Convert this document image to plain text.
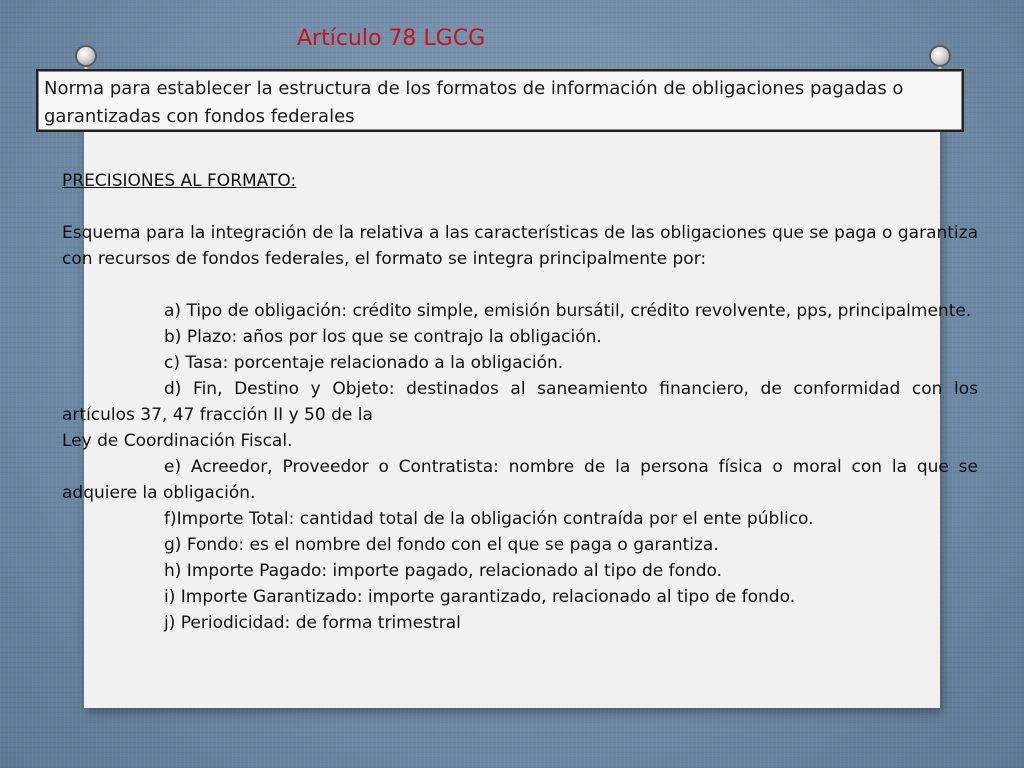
Artículo 78 LGCG
Norma para establecer la estructura de los formatos de información de obligaciones pagadas o garantizadas con fondos federales

PRECISIONES AL FORMATO:

Esquema para la integración de la relativa a las características de las obligaciones que se paga o garantiza con recursos de fondos federales, el formato se integra principalmente por:

a) Tipo de obligación: crédito simple, emisión bursátil, crédito revolvente, pps, principalmente.

b) Plazo: años por los que se contrajo la obligación.

c) Tasa: porcentaje relacionado a la obligación.

d) Fin, Destino y Objeto: destinados al saneamiento financiero, de conformidad con los artículos 37, 47 fracción II y 50 de la

Ley de Coordinación Fiscal.

e) Acreedor, Proveedor o Contratista: nombre de la persona física o moral con la que se adquiere la obligación.

f)Importe Total: cantidad total de la obligación contraída por el ente público.

g) Fondo: es el nombre del fondo con el que se paga o garantiza.

h) Importe Pagado: importe pagado, relacionado al tipo de fondo.

i) Importe Garantizado: importe garantizado, relacionado al tipo de fondo.

j) Periodicidad: de forma trimestral
